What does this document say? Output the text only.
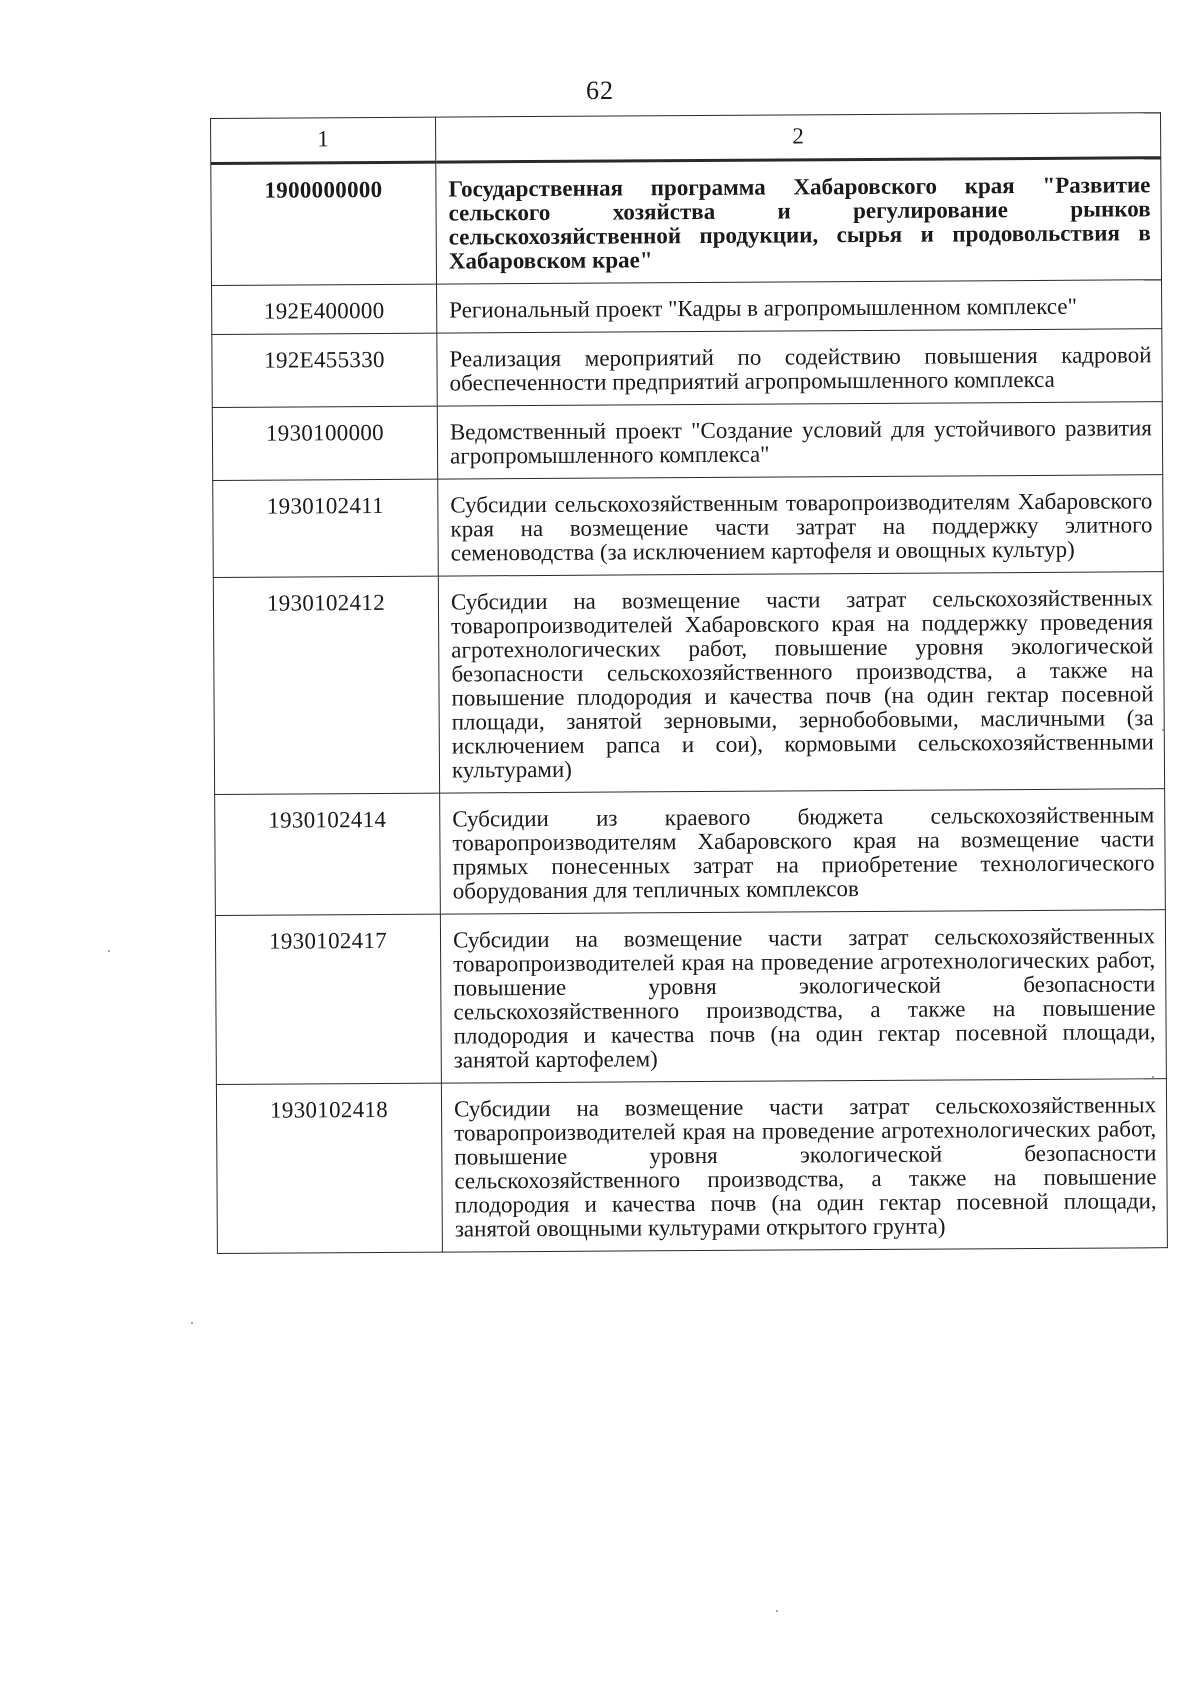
62
1	2
1900000000	Государственная программа Хабаровского края "Развитие сельского хозяйства и регулирование рынков сельскохозяйственной продукции, сырья и продовольствия в Хабаровском крае"
192Е400000	Региональный проект "Кадры в агропромышленном комплексе"
192Е455330	Реализация мероприятий по содействию повышения кадровой обеспеченности предприятий агропромышленного комплекса
1930100000	Ведомственный проект "Создание условий для устойчивого развития агропромышленного комплекса"
1930102411	Субсидии сельскохозяйственным товаропроизводителям Хабаровского края на возмещение части затрат на поддержку элитного семеноводства (за исключением картофеля и овощных культур)
1930102412	Субсидии на возмещение части затрат сельскохозяйственных товаропроизводителей Хабаровского края на поддержку проведения агротехнологических работ, повышение уровня экологической безопасности сельскохозяйственного производства, а также на повышение плодородия и качества почв (на один гектар посевной площади, занятой зерновыми, зернобобовыми, масличными (за исключением рапса и сои), кормовыми сельскохозяйственными культурами)
1930102414	Субсидии из краевого бюджета сельскохозяйственным товаропроизводителям Хабаровского края на возмещение части прямых понесенных затрат на приобретение технологического оборудования для тепличных комплексов
1930102417	Субсидии на возмещение части затрат сельскохозяйственных товаропроизводителей края на проведение агротехнологических работ, повышение уровня экологической безопасности сельскохозяйственного производства, а также на повышение плодородия и качества почв (на один гектар посевной площади, занятой картофелем)
1930102418	Субсидии на возмещение части затрат сельскохозяйственных товаропроизводителей края на проведение агротехнологических работ, повышение уровня экологической безопасности сельскохозяйственного производства, а также на повышение плодородия и качества почв (на один гектар посевной площади, занятой овощными культурами открытого грунта)
